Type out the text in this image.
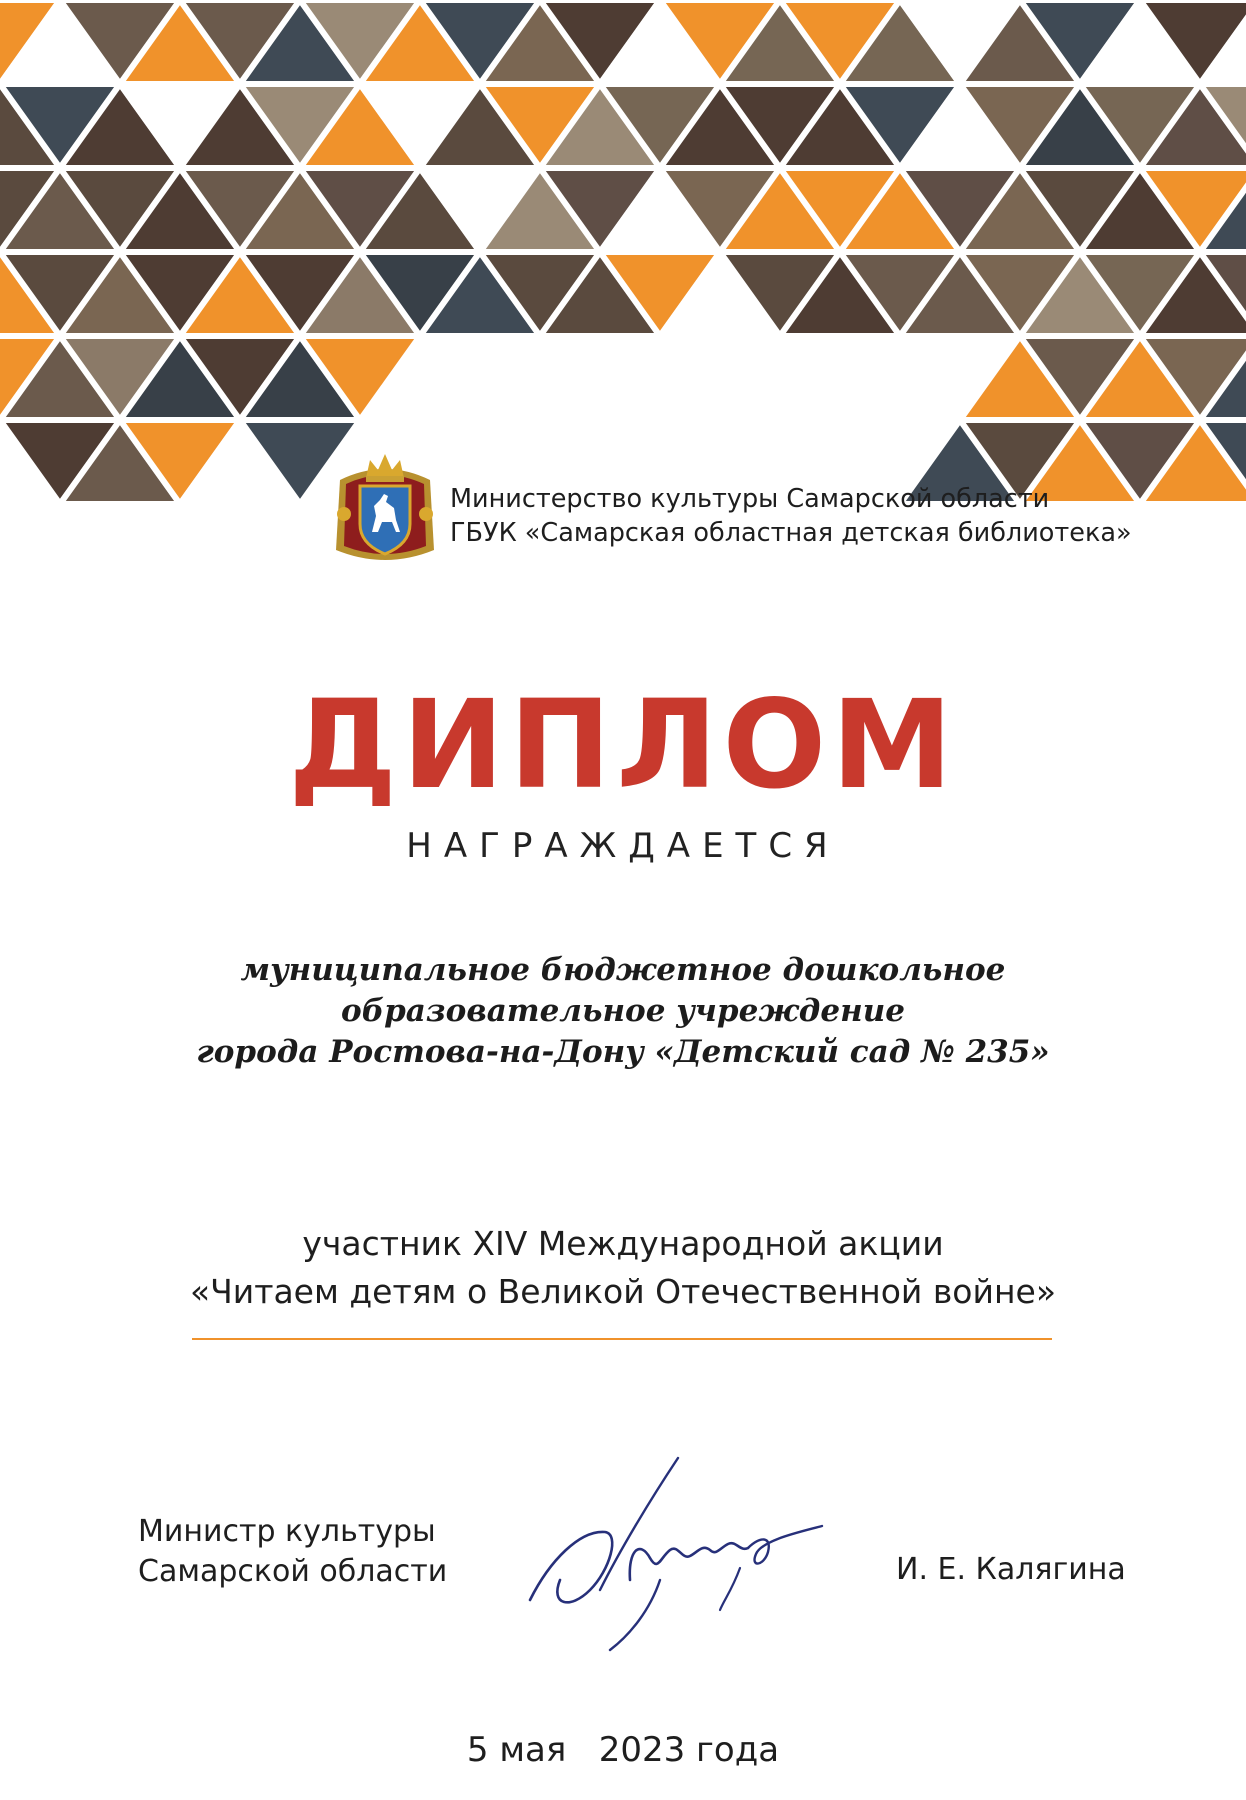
Министерство культуры Самарской области
ГБУК «Самарская областная детская библиотека»
ДИПЛОМ
НАГРАЖДАЕТСЯ
муниципальное бюджетное дошкольное
образовательное учреждение
города Ростова-на-Дону «Детский сад № 235»
участник XIV Международной акции
«Читаем детям о Великой Отечественной войне»
Министр культуры
Самарской области	И. Е. Калягина
5 мая   2023 года
